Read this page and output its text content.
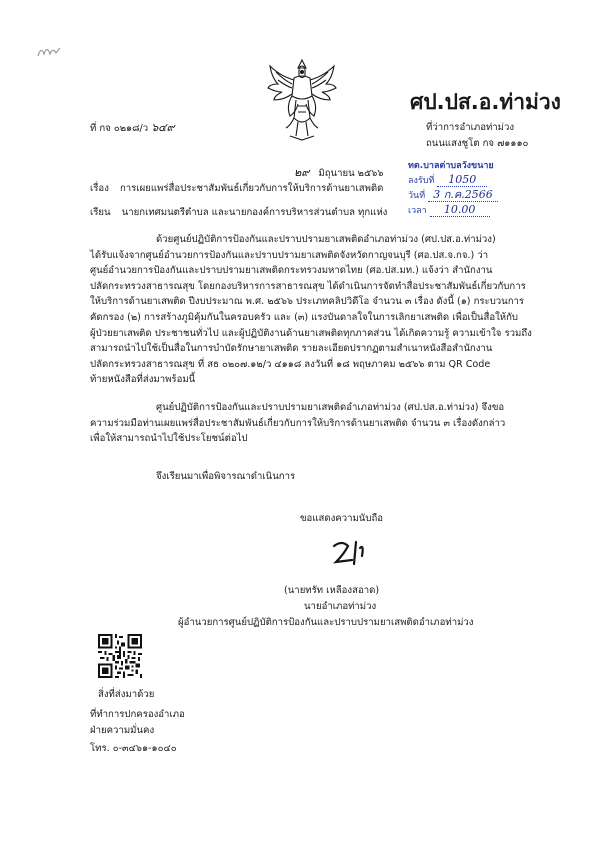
ศป.ปส.อ.ท่าม่วง
ที่ว่าการอำเภอท่าม่วง
ถนนแสงชูโต กจ ๗๑๑๑๐
ที่ กจ ๐๒๑๘/ว ๖๔๙
๒๙ มิถุนายน ๒๕๖๖
ทต.บาลต่าบลวังขนาย
ลงรับที่ 1050
วันที่ 3 ก.ค.2566
เวลา 10.00
เรื่อง การเผยแพร่สื่อประชาสัมพันธ์เกี่ยวกับการให้บริการด้านยาเสพติด
เรียน นายกเทศมนตรีตำบล และนายกองค์การบริหารส่วนตำบล ทุกแห่ง
ด้วยศูนย์ปฏิบัติการป้องกันและปราบปรามยาเสพติดอำเภอท่าม่วง (ศป.ปส.อ.ท่าม่วง)
ได้รับแจ้งจากศูนย์อำนวยการป้องกันและปราบปรามยาเสพติดจังหวัดกาญจนบุรี (ศอ.ปส.จ.กจ.) ว่า
ศูนย์อำนวยการป้องกันและปราบปรามยาเสพติดกระทรวงมหาดไทย (ศอ.ปส.มท.) แจ้งว่า สำนักงาน
ปลัดกระทรวงสาธารณสุข โดยกองบริหารการสาธารณสุข ได้ดำเนินการจัดทำสื่อประชาสัมพันธ์เกี่ยวกับการ
ให้บริการด้านยาเสพติด ปีงบประมาณ พ.ศ. ๒๕๖๖ ประเภทคลิปวิดีโอ จำนวน ๓ เรื่อง ดังนี้ (๑) กระบวนการ
คัดกรอง (๒) การสร้างภูมิคุ้มกันในครอบครัว และ (๓) แรงบันดาลใจในการเลิกยาเสพติด เพื่อเป็นสื่อให้กับ
ผู้ป่วยยาเสพติด ประชาชนทั่วไป และผู้ปฏิบัติงานด้านยาเสพติดทุกภาคส่วน ได้เกิดความรู้ ความเข้าใจ รวมถึง
สามารถนำไปใช้เป็นสื่อในการบำบัดรักษายาเสพติด รายละเอียดปรากฏตามสำเนาหนังสือสำนักงาน
ปลัดกระทรวงสาธารณสุข ที่ สธ ๐๒๐๗.๑๒/ว ๔๑๑๘ ลงวันที่ ๑๘ พฤษภาคม ๒๕๖๖ ตาม QR Code
ท้ายหนังสือที่ส่งมาพร้อมนี้
ศูนย์ปฏิบัติการป้องกันและปราบปรามยาเสพติดอำเภอท่าม่วง (ศป.ปส.อ.ท่าม่วง) จึงขอ
ความร่วมมือท่านเผยแพร่สื่อประชาสัมพันธ์เกี่ยวกับการให้บริการด้านยาเสพติด จำนวน ๓ เรื่องดังกล่าว
เพื่อให้สามารถนำไปใช้ประโยชน์ต่อไป
จึงเรียนมาเพื่อพิจารณาดำเนินการ
ขอแสดงความนับถือ
(นายทรัท เหลืองสอาด)
นายอำเภอท่าม่วง
ผู้อำนวยการศูนย์ปฏิบัติการป้องกันและปราบปรามยาเสพติดอำเภอท่าม่วง
สิ่งที่ส่งมาด้วย
ที่ทำการปกครองอำเภอ
ฝ่ายความมั่นคง
โทร. ๐-๓๔๖๑-๑๐๔๐
